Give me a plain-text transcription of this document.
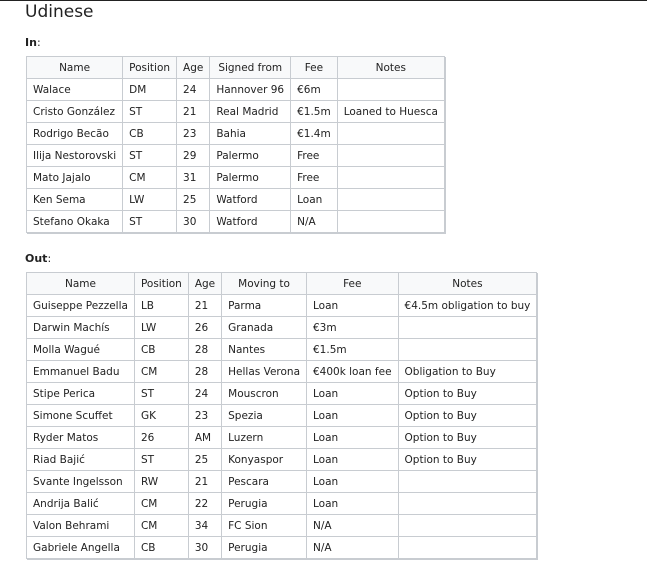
Udinese
In:
Name	Position	Age	Signed from	Fee	Notes
Walace	DM	24	Hannover 96	€6m	
Cristo González	ST	21	Real Madrid	€1.5m	Loaned to Huesca
Rodrigo Becão	CB	23	Bahia	€1.4m	
Ilija Nestorovski	ST	29	Palermo	Free	
Mato Jajalo	CM	31	Palermo	Free	
Ken Sema	LW	25	Watford	Loan	
Stefano Okaka	ST	30	Watford	N/A	
Out:
Name	Position	Age	Moving to	Fee	Notes
Guiseppe Pezzella	LB	21	Parma	Loan	€4.5m obligation to buy
Darwin Machís	LW	26	Granada	€3m	
Molla Wagué	CB	28	Nantes	€1.5m	
Emmanuel Badu	CM	28	Hellas Verona	€400k loan fee	Obligation to Buy
Stipe Perica	ST	24	Mouscron	Loan	Option to Buy
Simone Scuffet	GK	23	Spezia	Loan	Option to Buy
Ryder Matos	26	AM	Luzern	Loan	Option to Buy
Riad Bajić	ST	25	Konyaspor	Loan	Option to Buy
Svante Ingelsson	RW	21	Pescara	Loan	
Andrija Balić	CM	22	Perugia	Loan	
Valon Behrami	CM	34	FC Sion	N/A	
Gabriele Angella	CB	30	Perugia	N/A	
